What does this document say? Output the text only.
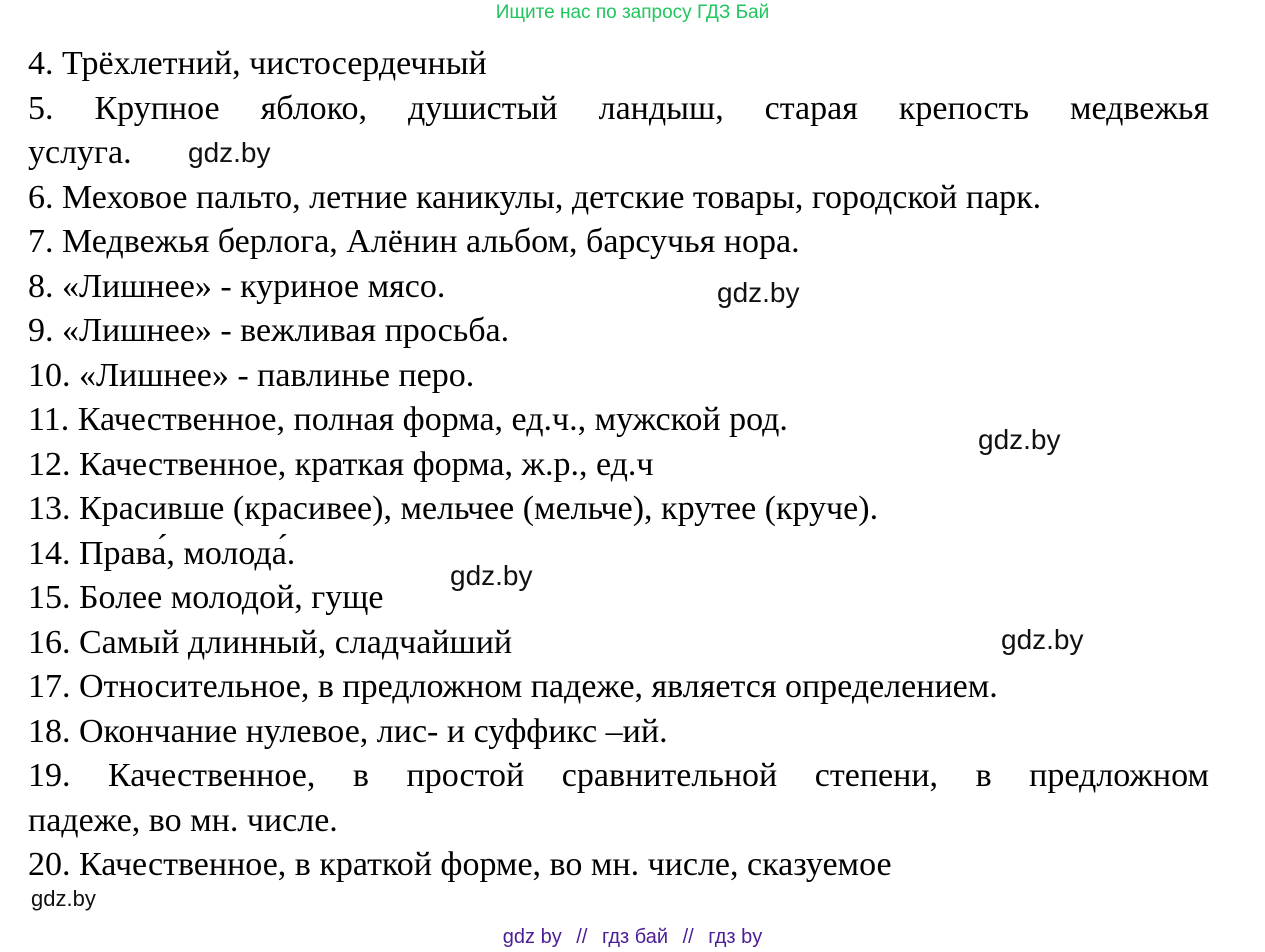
Ищите нас по запросу ГДЗ Бай
4. Трёхлетний, чистосердечный
5. Крупное яблоко, душистый ландыш, старая крепость медвежья
услуга.
6. Меховое пальто, летние каникулы, детские товары, городской парк.
7. Медвежья берлога, Алёнин альбом, барсучья нора.
8. «Лишнее» - куриное мясо.
9. «Лишнее» - вежливая просьба.
10. «Лишнее» - павлинье перо.
11. Качественное, полная форма, ед.ч., мужской род.
12. Качественное, краткая форма, ж.р., ед.ч
13. Красивше (красивее), мельчее (мельче), крутее (круче).
14. Права́, молода́.
15. Более молодой, гуще
16. Самый длинный, сладчайший
17. Относительное, в предложном падеже, является определением.
18. Окончание нулевое, лис- и суффикс –ий.
19. Качественное, в простой сравнительной степени, в предложном
падеже, во мн. числе.
20. Качественное, в краткой форме, во мн. числе, сказуемое
gdz.by
gdz.by
gdz.by
gdz.by
gdz.by
gdz.by
gdz by // гдз бай // гдз by
